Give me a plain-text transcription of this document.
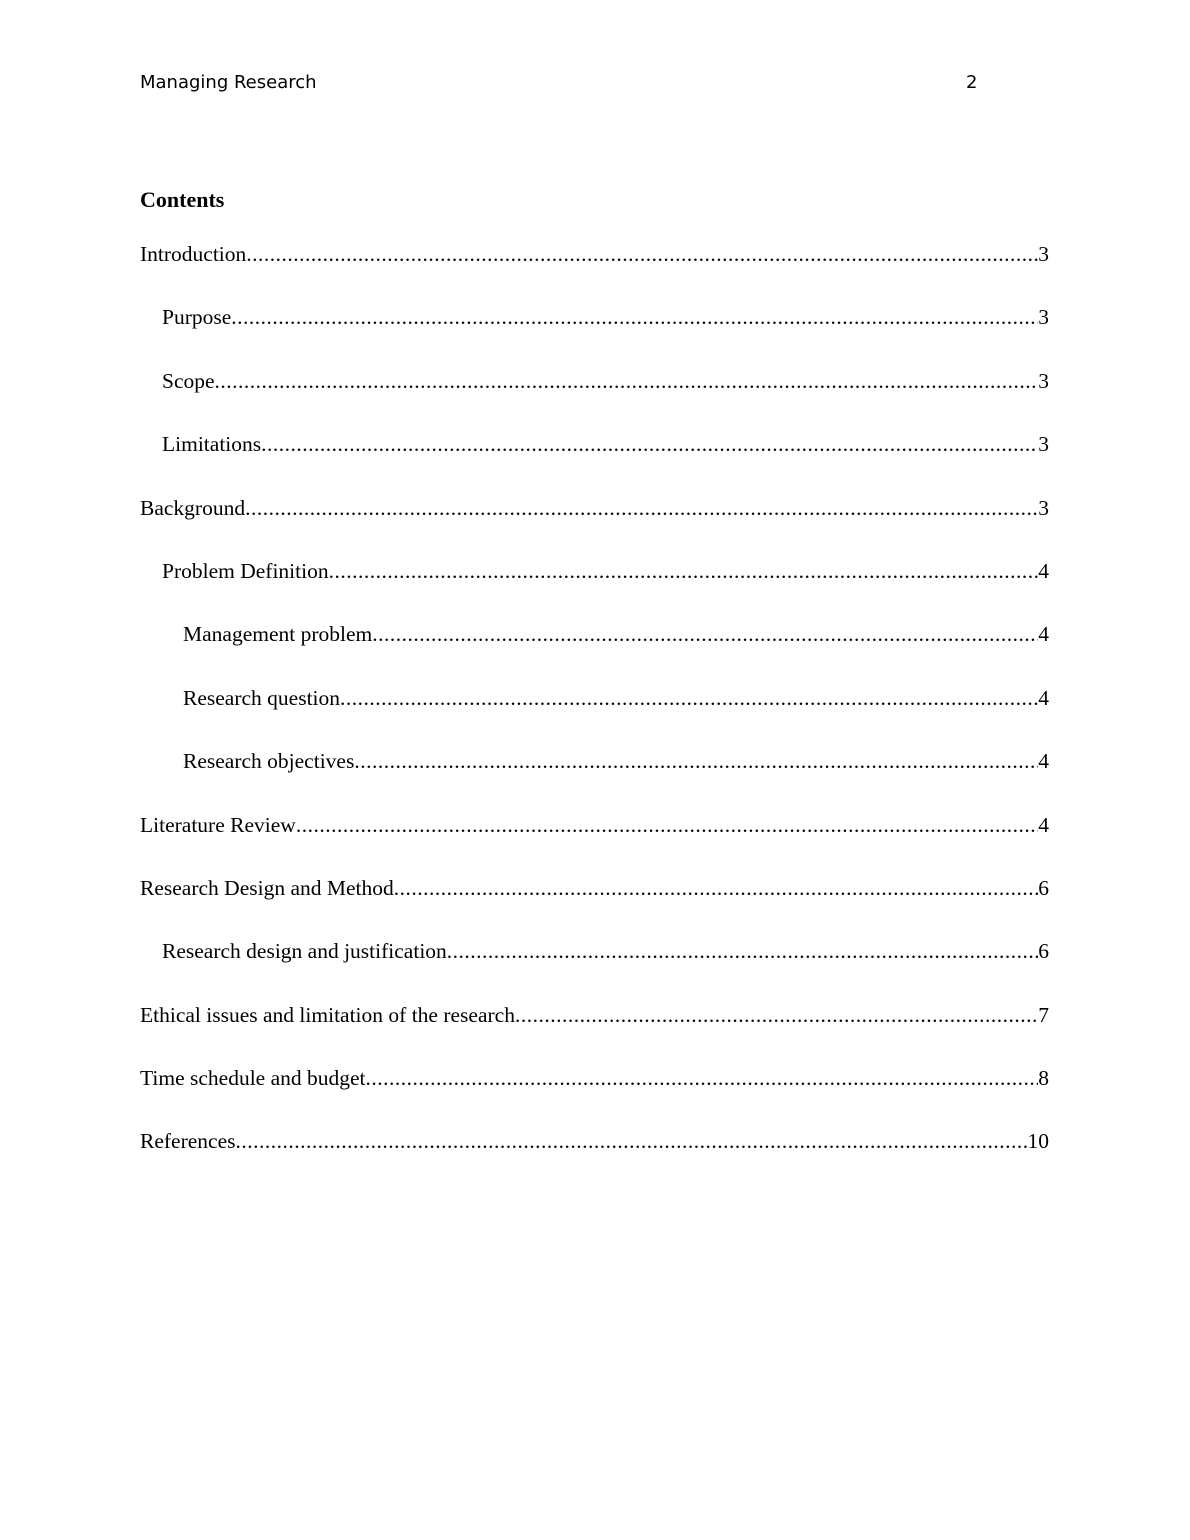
Managing Research	2
Contents
Introduction .....	3
Purpose .....	3
Scope .....	3
Limitations .....	3
Background .....	3
Problem Definition .....	4
Management problem .....	4
Research question .....	4
Research objectives .....	4
Literature Review .....	4
Research Design and Method .....	6
Research design and justification .....	6
Ethical issues and limitation of the research .....	7
Time schedule and budget .....	8
References .....	10
